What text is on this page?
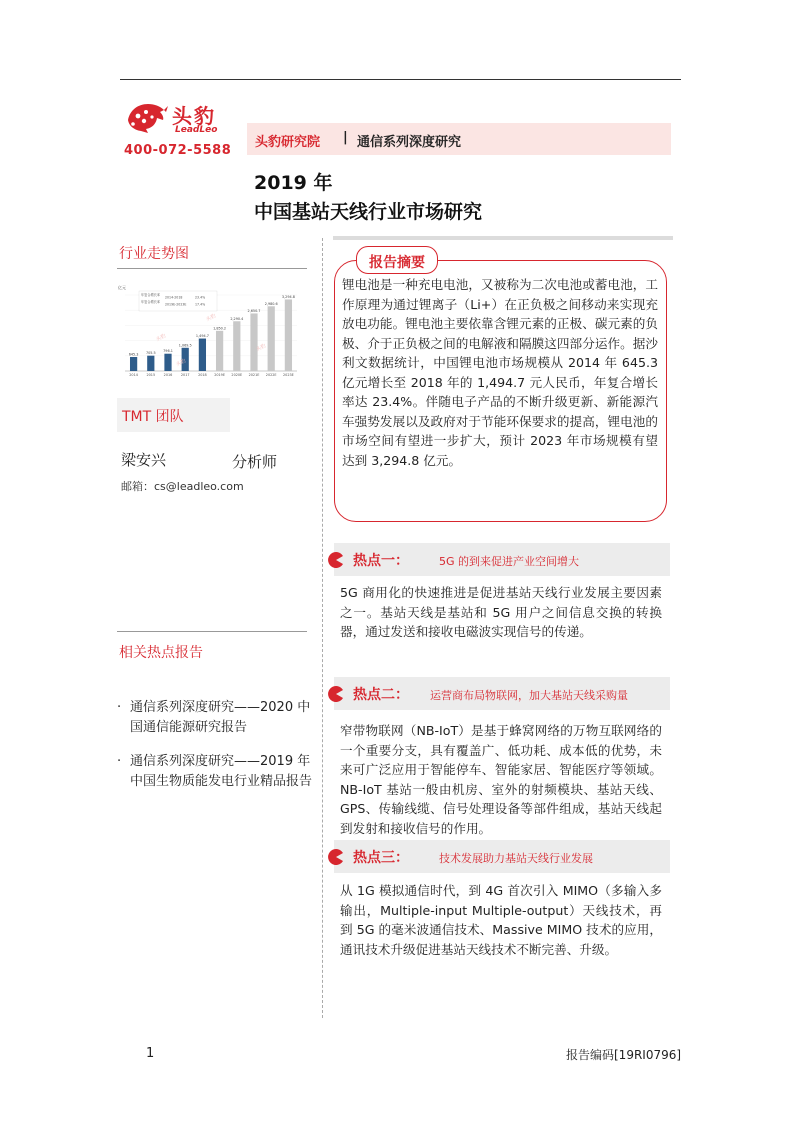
头豹
LeadLeo
400-072-5588
头豹研究院 | 通信系列深度研究
2019 年
中国基站天线行业市场研究
行业走势图
亿元
645.3
2014
705.5
2015
796.1
2016
1,069.5
2017
1,494.7
2018
1,850.2
2019E
2,290.4
2020E
2,650.7
2021E
2,980.6
2022E
3,294.8
2023E
头豹
头豹
头豹
头豹
年复合增长率
2014-2018	23.4%
年复合增长率
2019E-2023E	17.4%
TMT 团队
梁安兴	分析师
邮箱：cs@leadleo.com
相关热点报告
· 通信系列深度研究——2020 中国通信能源研究报告
· 通信系列深度研究——2019 年中国生物质能发电行业精品报告
报告摘要

锂电池是一种充电电池，又被称为二次电池或蓄电池，工作原理为通过锂离子（Li+）在正负极之间移动来实现充放电功能。锂电池主要依靠含锂元素的正极、碳元素的负极、介于正负极之间的电解液和隔膜这四部分运作。据沙利文数据统计，中国锂电池市场规模从 2014 年 645.3 亿元增长至 2018 年的 1,494.7 元人民币，年复合增长率达 23.4%。伴随电子产品的不断升级更新、新能源汽车强势发展以及政府对于节能环保要求的提高，锂电池的市场空间有望进一步扩大，预计 2023 年市场规模有望达到 3,294.8 亿元。

热点一：	5G 的到来促进产业空间增大

5G 商用化的快速推进是促进基站天线行业发展主要因素之一。基站天线是基站和 5G 用户之间信息交换的转换器，通过发送和接收电磁波实现信号的传递。

热点二： 运营商布局物联网，加大基站天线采购量

窄带物联网（NB-IoT）是基于蜂窝网络的万物互联网络的一个重要分支，具有覆盖广、低功耗、成本低的优势，未来可广泛应用于智能停车、智能家居、智能医疗等领域。NB-IoT 基站一般由机房、室外的射频模块、基站天线、GPS、传输线缆、信号处理设备等部件组成，基站天线起到发射和接收信号的作用。

热点三：	技术发展助力基站天线行业发展

从 1G 模拟通信时代，到 4G 首次引入 MIMO（多输入多输出，Multiple-input Multiple-output）天线技术，再到 5G 的毫米波通信技术、Massive MIMO 技术的应用，通讯技术升级促进基站天线技术不断完善、升级。

1	报告编码[19RI0796]
